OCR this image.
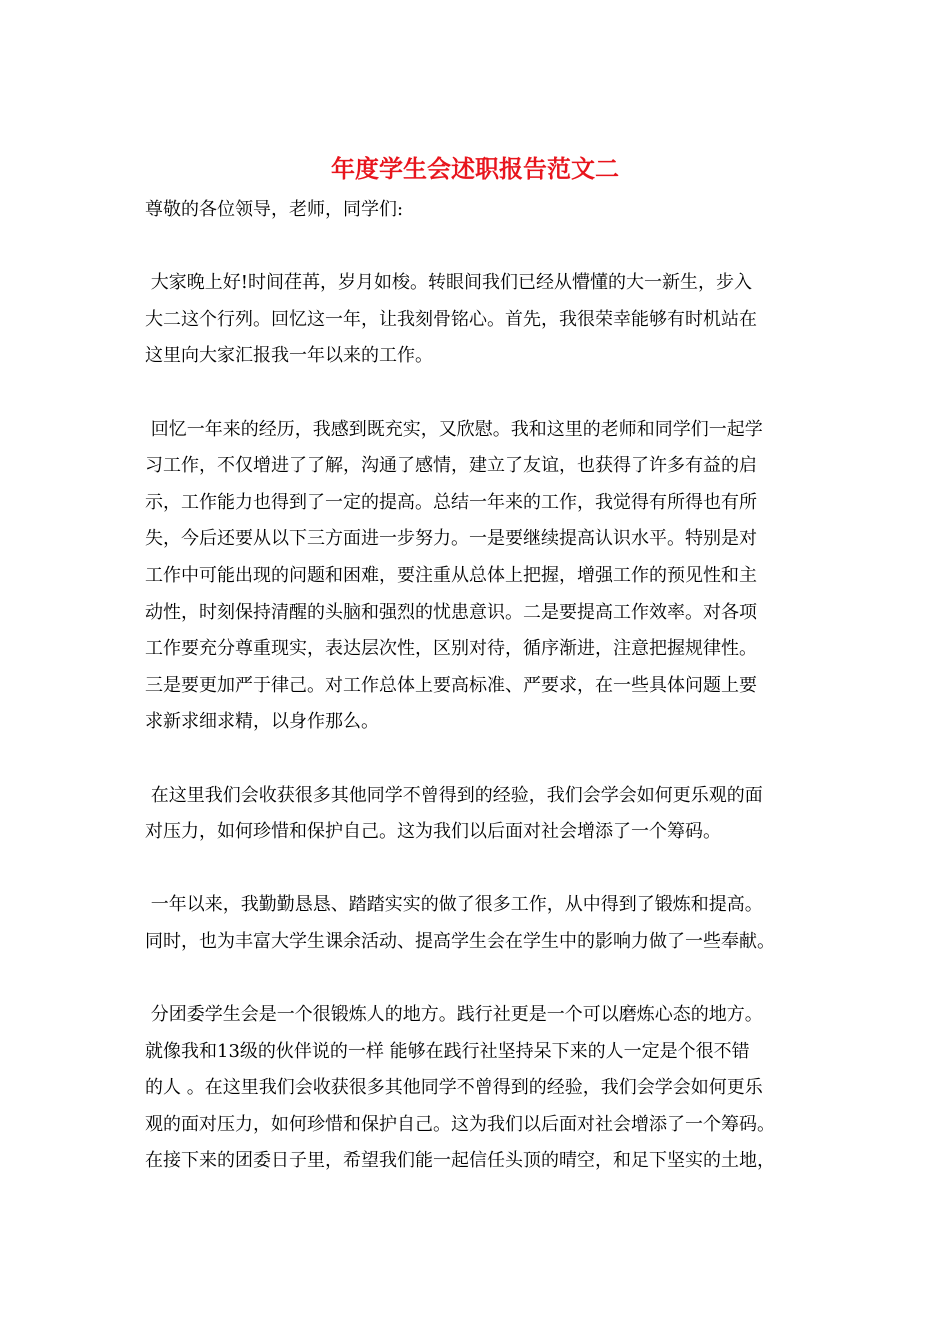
年度学生会述职报告范文二
尊敬的各位领导，老师，同学们:
大家晚上好!时间荏苒，岁月如梭。转眼间我们已经从懵懂的大一新生，步入
大二这个行列。回忆这一年，让我刻骨铭心。首先，我很荣幸能够有时机站在
这里向大家汇报我一年以来的工作。
回忆一年来的经历，我感到既充实，又欣慰。我和这里的老师和同学们一起学
习工作，不仅增进了了解，沟通了感情，建立了友谊，也获得了许多有益的启
示，工作能力也得到了一定的提高。总结一年来的工作，我觉得有所得也有所
失，今后还要从以下三方面进一步努力。一是要继续提高认识水平。特别是对
工作中可能出现的问题和困难，要注重从总体上把握，增强工作的预见性和主
动性，时刻保持清醒的头脑和强烈的忧患意识。二是要提高工作效率。对各项
工作要充分尊重现实，表达层次性，区别对待，循序渐进，注意把握规律性。
三是要更加严于律己。对工作总体上要高标准、严要求，在一些具体问题上要
求新求细求精，以身作那么。
在这里我们会收获很多其他同学不曾得到的经验，我们会学会如何更乐观的面
对压力，如何珍惜和保护自己。这为我们以后面对社会增添了一个筹码。
一年以来，我勤勤恳恳、踏踏实实的做了很多工作，从中得到了锻炼和提高。
同时，也为丰富大学生课余活动、提高学生会在学生中的影响力做了一些奉献。
分团委学生会是一个很锻炼人的地方。践行社更是一个可以磨炼心态的地方。
就像我和13级的伙伴说的一样 能够在践行社坚持呆下来的人一定是个很不错
的人 。在这里我们会收获很多其他同学不曾得到的经验，我们会学会如何更乐
观的面对压力，如何珍惜和保护自己。这为我们以后面对社会增添了一个筹码。
在接下来的团委日子里，希望我们能一起信任头顶的晴空，和足下坚实的土地，
